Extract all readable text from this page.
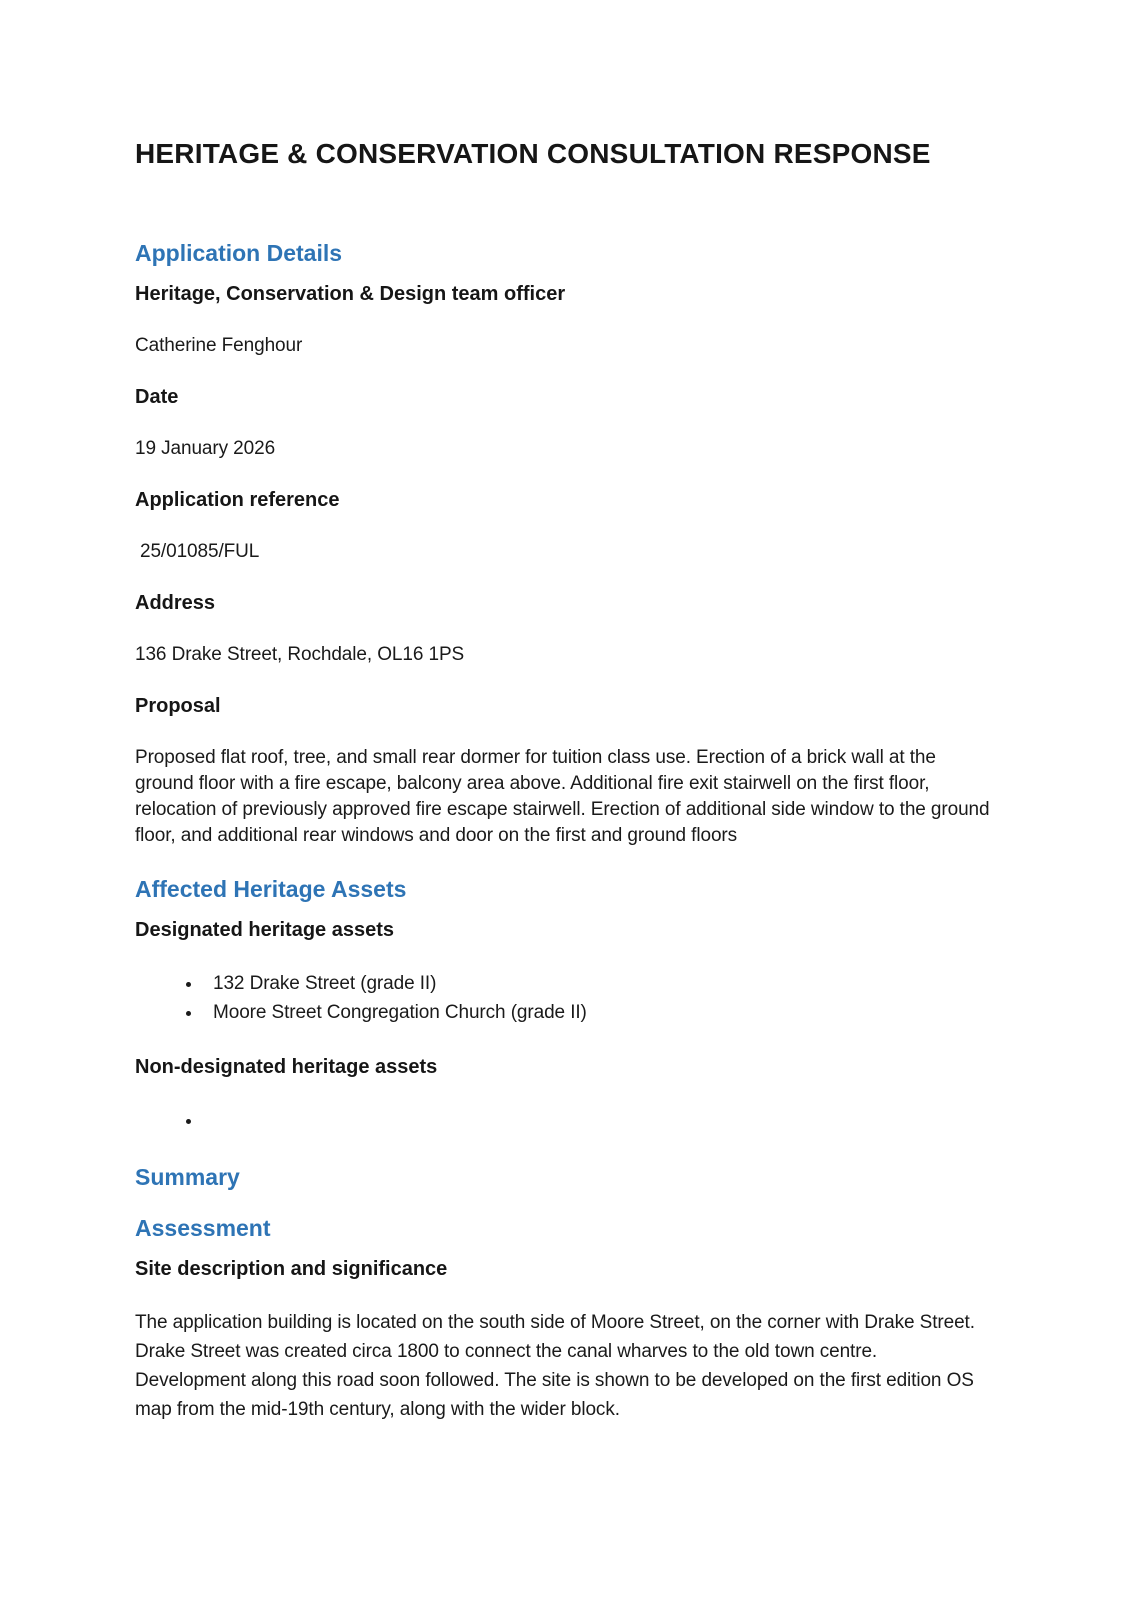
HERITAGE & CONSERVATION CONSULTATION RESPONSE
Application Details
Heritage, Conservation & Design team officer

Catherine Fenghour

Date

19 January 2026

Application reference

25/01085/FUL

Address

136 Drake Street, Rochdale, OL16 1PS

Proposal

Proposed flat roof, tree, and small rear dormer for tuition class use. Erection of a brick wall at the ground floor with a fire escape, balcony area above. Additional fire exit stairwell on the first floor, relocation of previously approved fire escape stairwell. Erection of additional side window to the ground floor, and additional rear windows and door on the first and ground floors

Affected Heritage Assets
Designated heritage assets
• 132 Drake Street (grade II)
• Moore Street Congregation Church (grade II)
Non-designated heritage assets
•
Summary
Assessment
Site description and significance

The application building is located on the south side of Moore Street, on the corner with Drake Street. Drake Street was created circa 1800 to connect the canal wharves to the old town centre. Development along this road soon followed. The site is shown to be developed on the first edition OS map from the mid-19th century, along with the wider block.
